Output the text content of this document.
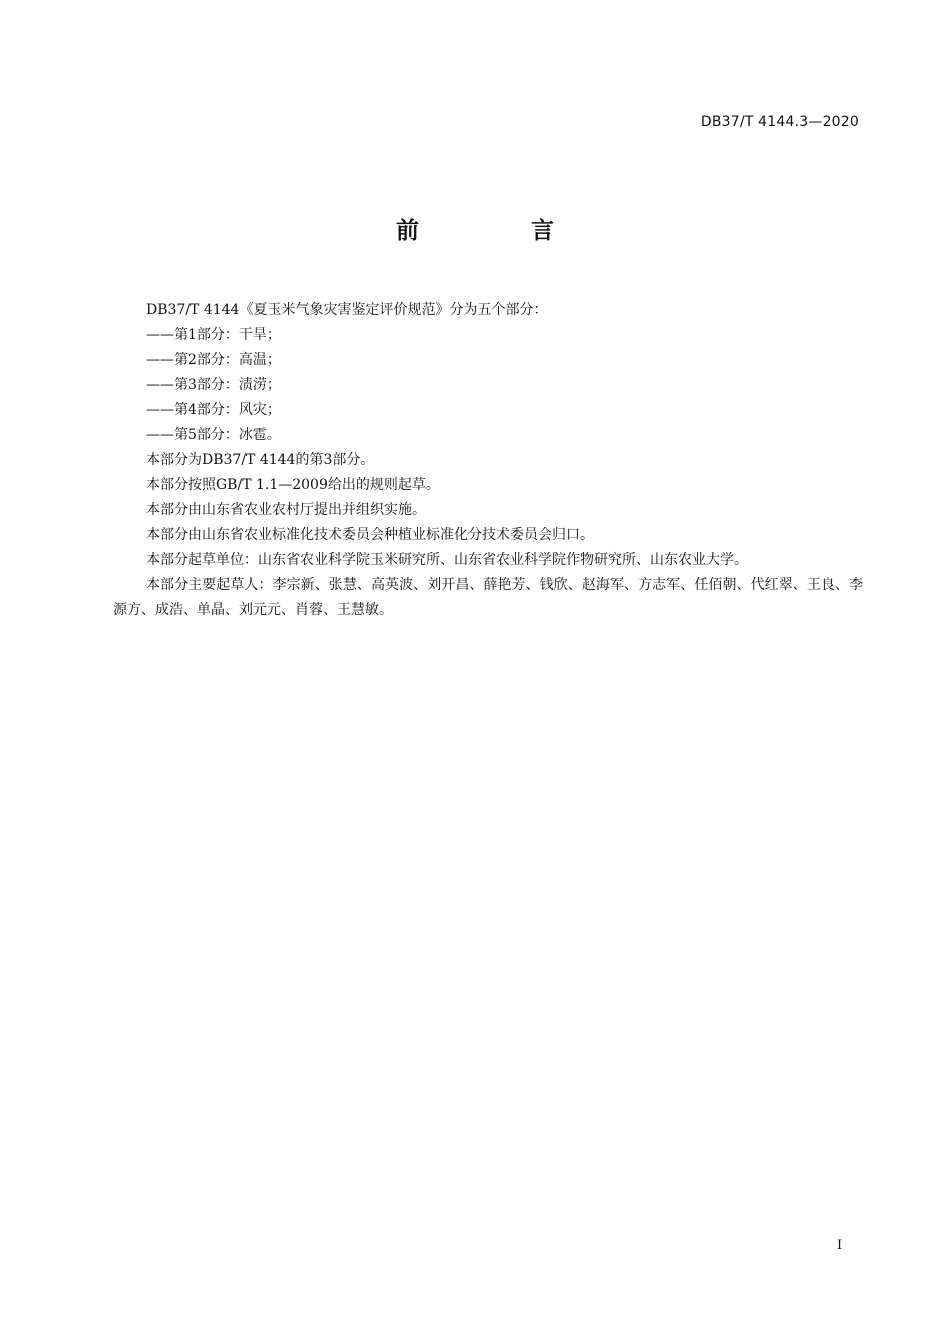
DB37/T 4144.3—2020
前 言

DB37/T 4144《夏玉米气象灾害鉴定评价规范》分为五个部分：

——第1部分：干旱；

——第2部分：高温；

——第3部分：渍涝；

——第4部分：风灾；

——第5部分：冰雹。

本部分为DB37/T 4144的第3部分。

本部分按照GB/T 1.1—2009给出的规则起草。

本部分由山东省农业农村厅提出并组织实施。

本部分由山东省农业标准化技术委员会种植业标准化分技术委员会归口。

本部分起草单位：山东省农业科学院玉米研究所、山东省农业科学院作物研究所、山东农业大学。

本部分主要起草人：李宗新、张慧、高英波、刘开昌、薛艳芳、钱欣、赵海军、方志军、任佰朝、代红翠、王良、李源方、成浩、单晶、刘元元、肖蓉、王慧敏。

I
